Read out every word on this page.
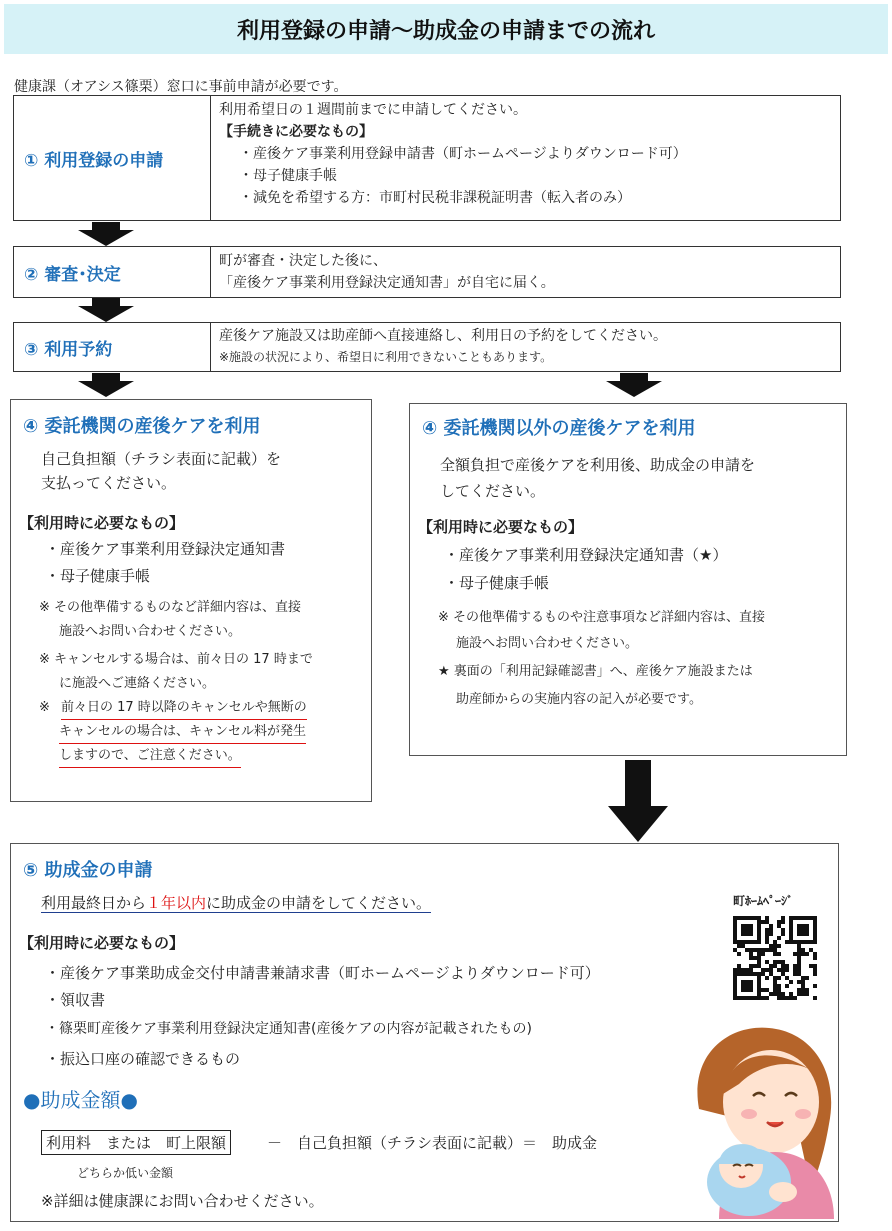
利用登録の申請～助成金の申請までの流れ
健康課（オアシス篠栗）窓口に事前申請が必要です。
① 利用登録の申請
利用希望日の１週間前までに申請してください。
【手続きに必要なもの】
・産後ケア事業利用登録申請書（町ホームページよりダウンロード可）
・母子健康手帳
・減免を希望する方：市町村民税非課税証明書（転入者のみ）
② 審査･決定
町が審査・決定した後に、
「産後ケア事業利用登録決定通知書」が自宅に届く。
③ 利用予約
産後ケア施設又は助産師へ直接連絡し、利用日の予約をしてください。
※施設の状況により、希望日に利用できないこともあります。
④ 委託機関の産後ケアを利用
自己負担額（チラシ表面に記載）を
支払ってください。
【利用時に必要なもの】
・産後ケア事業利用登録決定通知書
・母子健康手帳
※ その他準備するものなど詳細内容は、直接
施設へお問い合わせください。
※ キャンセルする場合は、前々日の 17 時まで
に施設へご連絡ください。
※ 前々日の 17 時以降のキャンセルや無断の
キャンセルの場合は、キャンセル料が発生
しますので、ご注意ください。
④ 委託機関以外の産後ケアを利用
全額負担で産後ケアを利用後、助成金の申請を
してください。
【利用時に必要なもの】
・産後ケア事業利用登録決定通知書（★）
・母子健康手帳
※ その他準備するものや注意事項など詳細内容は、直接
施設へお問い合わせください。
★ 裏面の「利用記録確認書」へ、産後ケア施設または
助産師からの実施内容の記入が必要です。
⑤ 助成金の申請
利用最終日から１年以内に助成金の申請をしてください。
【利用時に必要なもの】
・産後ケア事業助成金交付申請書兼請求書（町ホームページよりダウンロード可）
・領収書
・篠栗町産後ケア事業利用登録決定通知書(産後ケアの内容が記載されたもの)
・振込口座の確認できるもの
●助成金額●
利用料　または　町上限額	－　自己負担額（チラシ表面に記載）＝　助成金
どちらか低い金額
※詳細は健康課にお問い合わせください。
町ﾎｰﾑﾍﾟｰｼﾞ
